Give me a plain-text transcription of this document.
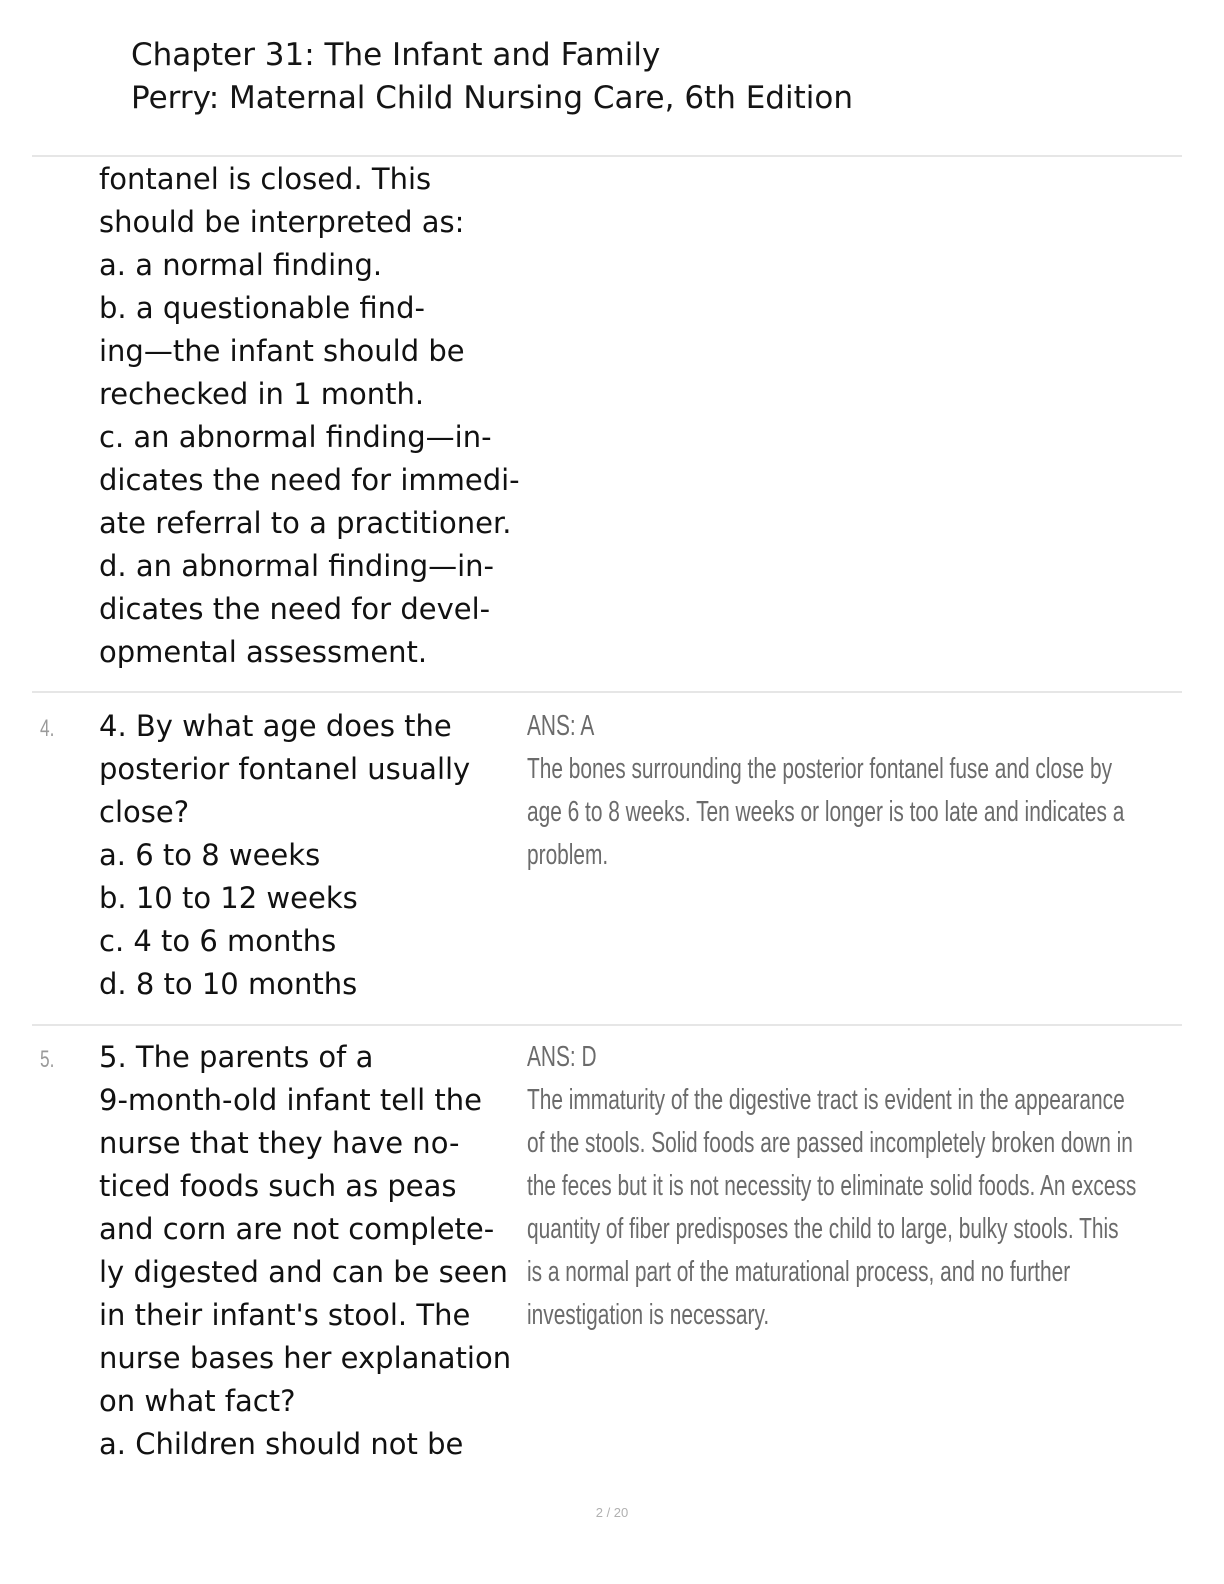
Chapter 31: The Infant and Family
Perry: Maternal Child Nursing Care, 6th Edition
fontanel is closed. This
should be interpreted as:
a. a normal finding.
b. a questionable find-
ing—the infant should be
rechecked in 1 month.
c. an abnormal finding—in-
dicates the need for immedi-
ate referral to a practitioner.
d. an abnormal finding—in-
dicates the need for devel-
opmental assessment.
4. 4. By what age does the
posterior fontanel usually
close?
a. 6 to 8 weeks
b. 10 to 12 weeks
c. 4 to 6 months
d. 8 to 10 months
ANS: A
The bones surrounding the posterior fontanel fuse and close by
age 6 to 8 weeks. Ten weeks or longer is too late and indicates a
problem.
5. 5. The parents of a
9-month-old infant tell the
nurse that they have no-
ticed foods such as peas
and corn are not complete-
ly digested and can be seen
in their infant's stool. The
nurse bases her explanation
on what fact?
a. Children should not be
ANS: D
The immaturity of the digestive tract is evident in the appearance
of the stools. Solid foods are passed incompletely broken down in
the feces but it is not necessity to eliminate solid foods. An excess
quantity of fiber predisposes the child to large, bulky stools. This
is a normal part of the maturational process, and no further
investigation is necessary.
2 / 20
